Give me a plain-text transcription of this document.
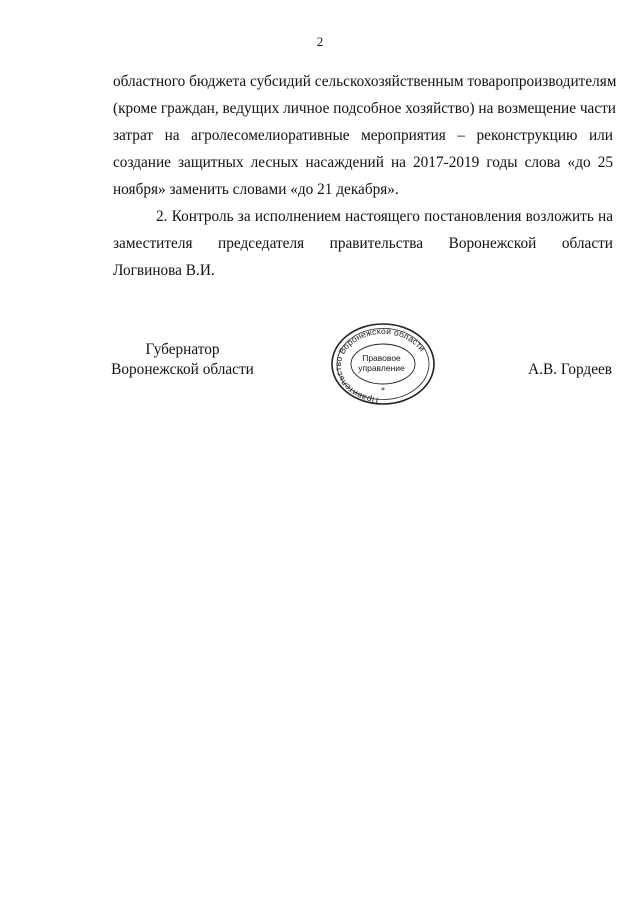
2
областного бюджета субсидий сельскохозяйственным товаропроизводителям
(кроме граждан, ведущих личное подсобное хозяйство) на возмещение части
затрат на агролесомелиоративные мероприятия – реконструкцию или
создание защитных лесных насаждений на 2017-2019 годы слова «до 25
ноября» заменить словами «до 21 декабря».
2. Контроль за исполнением настоящего постановления возложить на
заместителя председателя правительства Воронежской области
Логвинова В.И.
Губернатор
Воронежской области
Правительство Воронежской области
Правовое
управление
*
А.В. Гордеев
